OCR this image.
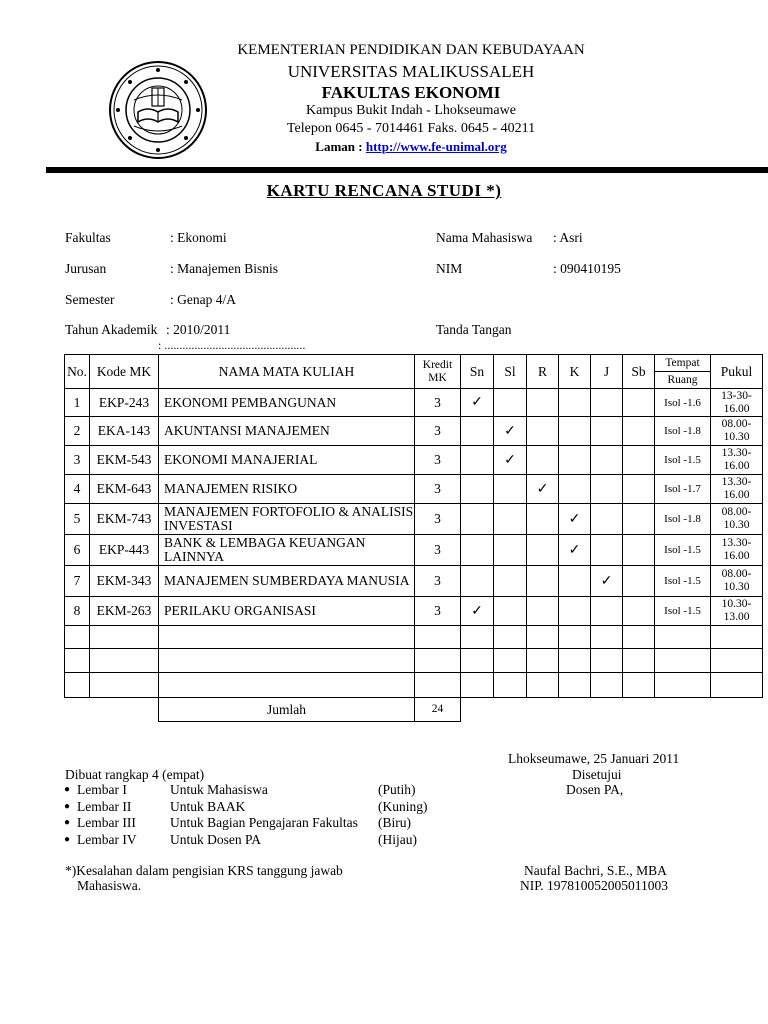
KEMENTERIAN PENDIDIKAN DAN KEBUDAYAAN
UNIVERSITAS MALIKUSSALEH
FAKULTAS EKONOMI
Kampus Bukit Indah - Lhokseumawe
Telepon 0645 - 7014461 Faks. 0645 - 40211
Laman : http://www.fe-unimal.org
KARTU RENCANA STUDI *)
Fakultas	: Ekonomi
Jurusan	: Manajemen Bisnis
Semester	: Genap 4/A
Tahun Akademik : 2010/2011
Nama Mahasiswa : Asri
NIM	: 090410195
Tanda Tangan
: ...............................................
No.	Kode MK	NAMA MATA KULIAH	Kredit MK	Sn	Sl	R	K	J	Sb	Tempat	Pukul
										Ruang	
1	EKP-243	EKONOMI PEMBANGUNAN	3	✓						Isol -1.6	13-30-16.00
2	EKA-143	AKUNTANSI MANAJEMEN	3		✓					Isol -1.8	08.00-10.30
3	EKM-543	EKONOMI MANAJERIAL	3		✓					Isol -1.5	13.30-16.00
4	EKM-643	MANAJEMEN RISIKO	3			✓				Isol -1.7	13.30-16.00
5	EKM-743	MANAJEMEN FORTOFOLIO & ANALISIS INVESTASI	3				✓			Isol -1.8	08.00-10.30
6	EKP-443	BANK & LEMBAGA KEUANGAN LAINNYA	3				✓			Isol -1.5	13.30-16.00
7	EKM-343	MANAJEMEN SUMBERDAYA MANUSIA	3					✓		Isol -1.5	08.00-10.30
8	EKM-263	PERILAKU ORGANISASI	3	✓						Isol -1.5	10.30-13.00

		Jumlah	24								
Lhokseumawe, 25 Januari 2011
Disetujui
Dosen PA,
Dibuat rangkap 4 (empat)
● Lembar I	Untuk Mahasiswa	(Putih)
● Lembar II	Untuk BAAK	(Kuning)
● Lembar III	Untuk Bagian Pengajaran Fakultas (Biru)
● Lembar IV Untuk Dosen PA	(Hijau)
*)Kesalahan dalam pengisian KRS tanggung jawab
Mahasiswa.
Naufal Bachri, S.E., MBA
NIP. 197810052005011003
